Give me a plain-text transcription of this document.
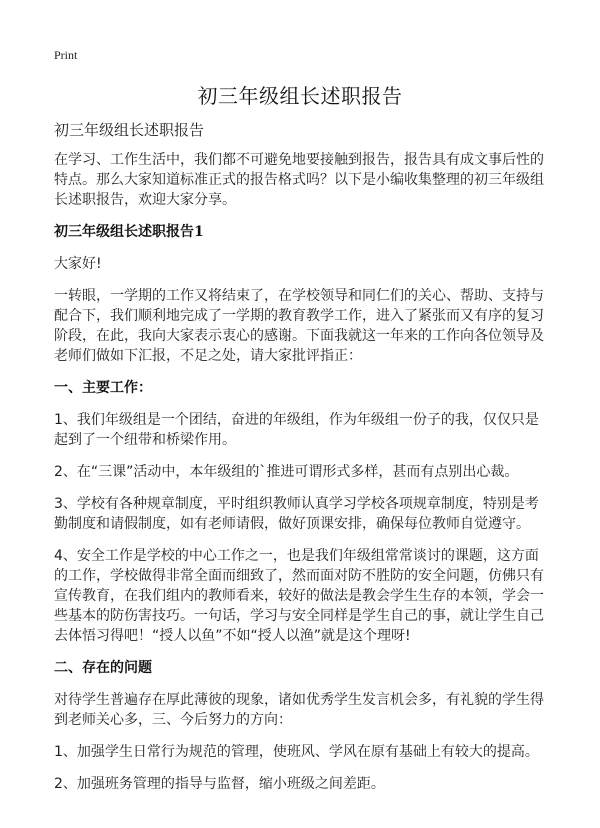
Print
初三年级组长述职报告

初三年级组长述职报告

在学习、工作生活中，我们都不可避免地要接触到报告，报告具有成文事后性的特点。那么大家知道标准正式的报告格式吗？以下是小编收集整理的初三年级组长述职报告，欢迎大家分享。

初三年级组长述职报告1

大家好!

一转眼，一学期的工作又将结束了，在学校领导和同仁们的关心、帮助、支持与配合下，我们顺利地完成了一学期的教育教学工作，进入了紧张而又有序的复习阶段，在此，我向大家表示衷心的感谢。下面我就这一年来的工作向各位领导及老师们做如下汇报，不足之处，请大家批评指正：

一、主要工作：

1、我们年级组是一个团结，奋进的年级组，作为年级组一份子的我，仅仅只是起到了一个纽带和桥梁作用。

2、在“三课”活动中，本年级组的`推进可谓形式多样，甚而有点别出心裁。

3、学校有各种规章制度，平时组织教师认真学习学校各项规章制度，特别是考勤制度和请假制度，如有老师请假，做好顶课安排，确保每位教师自觉遵守。

4、安全工作是学校的中心工作之一，也是我们年级组常常谈讨的课题，这方面的工作，学校做得非常全面而细致了，然而面对防不胜防的安全问题，仿佛只有宣传教育，在我们组内的教师看来，较好的做法是教会学生生存的本领，学会一些基本的防伤害技巧。一句话，学习与安全同样是学生自己的事，就让学生自己去体悟习得吧！“授人以鱼”不如“授人以渔”就是这个理呀!

二、存在的问题

对待学生普遍存在厚此薄彼的现象，诸如优秀学生发言机会多，有礼貌的学生得到老师关心多，三、今后努力的方向：

1、加强学生日常行为规范的管理，使班风、学风在原有基础上有较大的提高。

2、加强班务管理的指导与监督，缩小班级之间差距。
